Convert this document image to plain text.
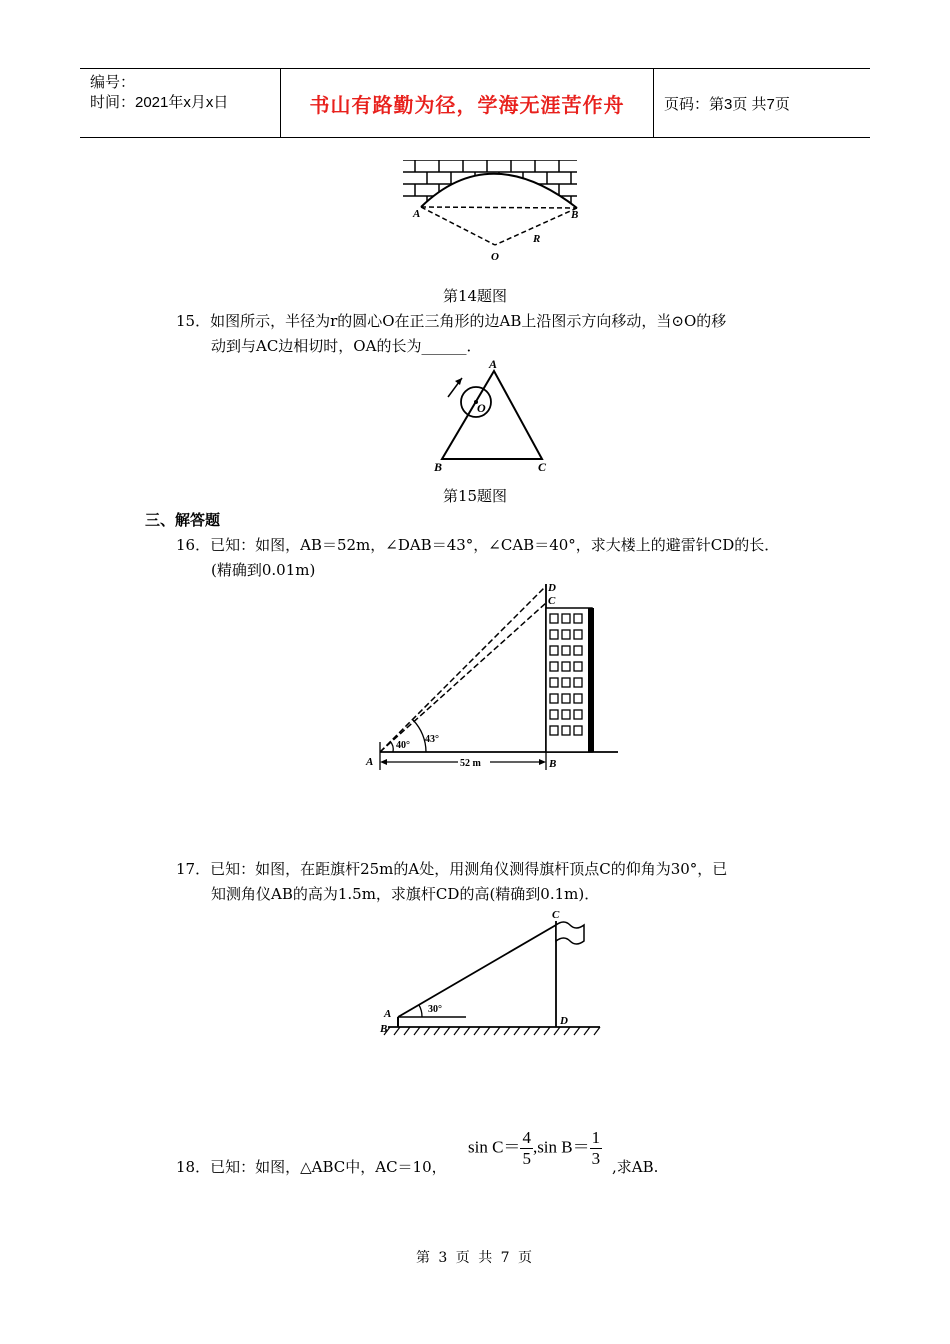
编号：
时间：2021年x月x日	书山有路勤为径，学海无涯苦作舟	页码：第3页 共7页
A	B
O
R
第14题图
15．如图所示，半径为r的圆心O在正三角形的边AB上沿图示方向移动，当⊙O的移
动到与AC边相切时，OA的长为______．
A
B	C
O
第15题图
三、解答题
16．已知：如图，AB＝52m，∠DAB＝43°，∠CAB＝40°，求大楼上的避雷针CD的长．
(精确到0.01m)
A	B
C
D
40°
43°
52 m
17．已知：如图，在距旗杆25m的A处，用测角仪测得旗杆顶点C的仰角为30°，已
知测角仪AB的高为1.5m，求旗杆CD的高(精确到0.1m)．
A
B
C
D
30°
18．已知：如图，△ABC中，AC＝10，
$\sin C= \frac{4}{5} ,\sin$ $B= \frac{1}{3}$ ,求AB.
第 3 页 共 7 页
